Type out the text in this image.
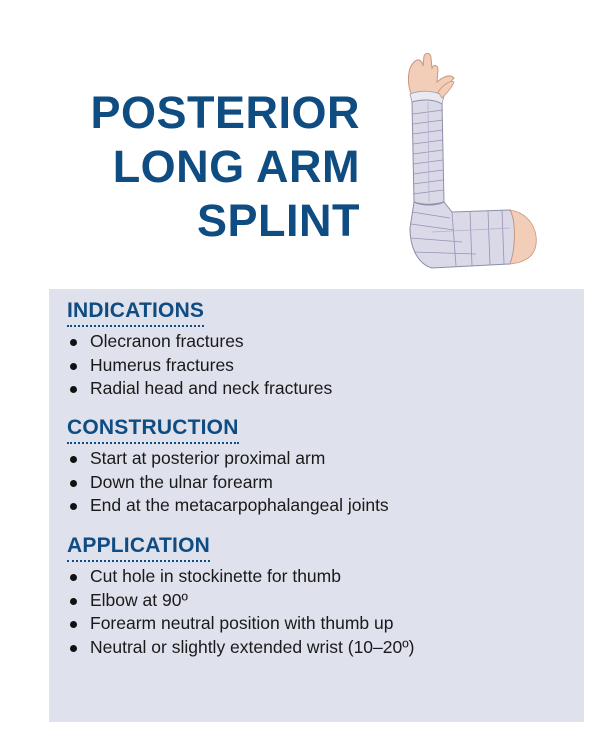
POSTERIOR
LONG ARM
SPLINT
INDICATIONS
Olecranon fractures
Humerus fractures
Radial head and neck fractures
CONSTRUCTION
Start at posterior proximal arm
Down the ulnar forearm
End at the metacarpophalangeal joints
APPLICATION
Cut hole in stockinette for thumb
Elbow at 90º
Forearm neutral position with thumb up
Neutral or slightly extended wrist (10–20º)
